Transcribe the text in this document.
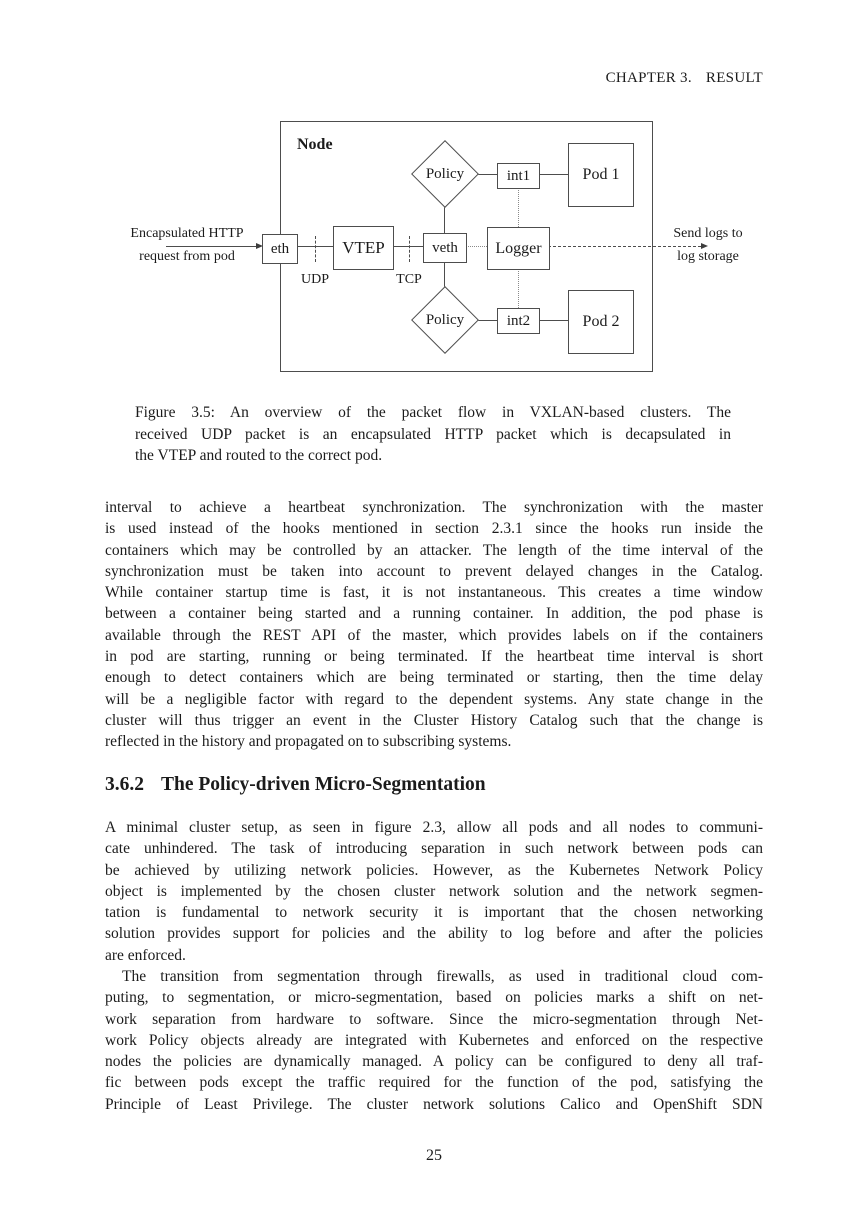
CHAPTER 3. RESULT
Node
Policy
Policy
eth	VTEP	veth	Logger
int1
int2
Pod 1
Pod 2
UDP	TCP
Encapsulated HTTP
request from pod
Send logs to
log storage
Figure 3.5: An overview of the packet flow in VXLAN-based clusters. The
received UDP packet is an encapsulated HTTP packet which is decapsulated in
the VTEP and routed to the correct pod.
interval to achieve a heartbeat synchronization. The synchronization with the master
is used instead of the hooks mentioned in section 2.3.1 since the hooks run inside the
containers which may be controlled by an attacker. The length of the time interval of the
synchronization must be taken into account to prevent delayed changes in the Catalog.
While container startup time is fast, it is not instantaneous. This creates a time window
between a container being started and a running container. In addition, the pod phase is
available through the REST API of the master, which provides labels on if the containers
in pod are starting, running or being terminated. If the heartbeat time interval is short
enough to detect containers which are being terminated or starting, then the time delay
will be a negligible factor with regard to the dependent systems. Any state change in the
cluster will thus trigger an event in the Cluster History Catalog such that the change is
reflected in the history and propagated on to subscribing systems.
3.6.2 The Policy-driven Micro-Segmentation
A minimal cluster setup, as seen in figure 2.3, allow all pods and all nodes to communi-
cate unhindered. The task of introducing separation in such network between pods can
be achieved by utilizing network policies. However, as the Kubernetes Network Policy
object is implemented by the chosen cluster network solution and the network segmen-
tation is fundamental to network security it is important that the chosen networking
solution provides support for policies and the ability to log before and after the policies
are enforced.
The transition from segmentation through firewalls, as used in traditional cloud com-
puting, to segmentation, or micro-segmentation, based on policies marks a shift on net-
work separation from hardware to software. Since the micro-segmentation through Net-
work Policy objects already are integrated with Kubernetes and enforced on the respective
nodes the policies are dynamically managed. A policy can be configured to deny all traf-
fic between pods except the traffic required for the function of the pod, satisfying the
Principle of Least Privilege. The cluster network solutions Calico and OpenShift SDN
25
